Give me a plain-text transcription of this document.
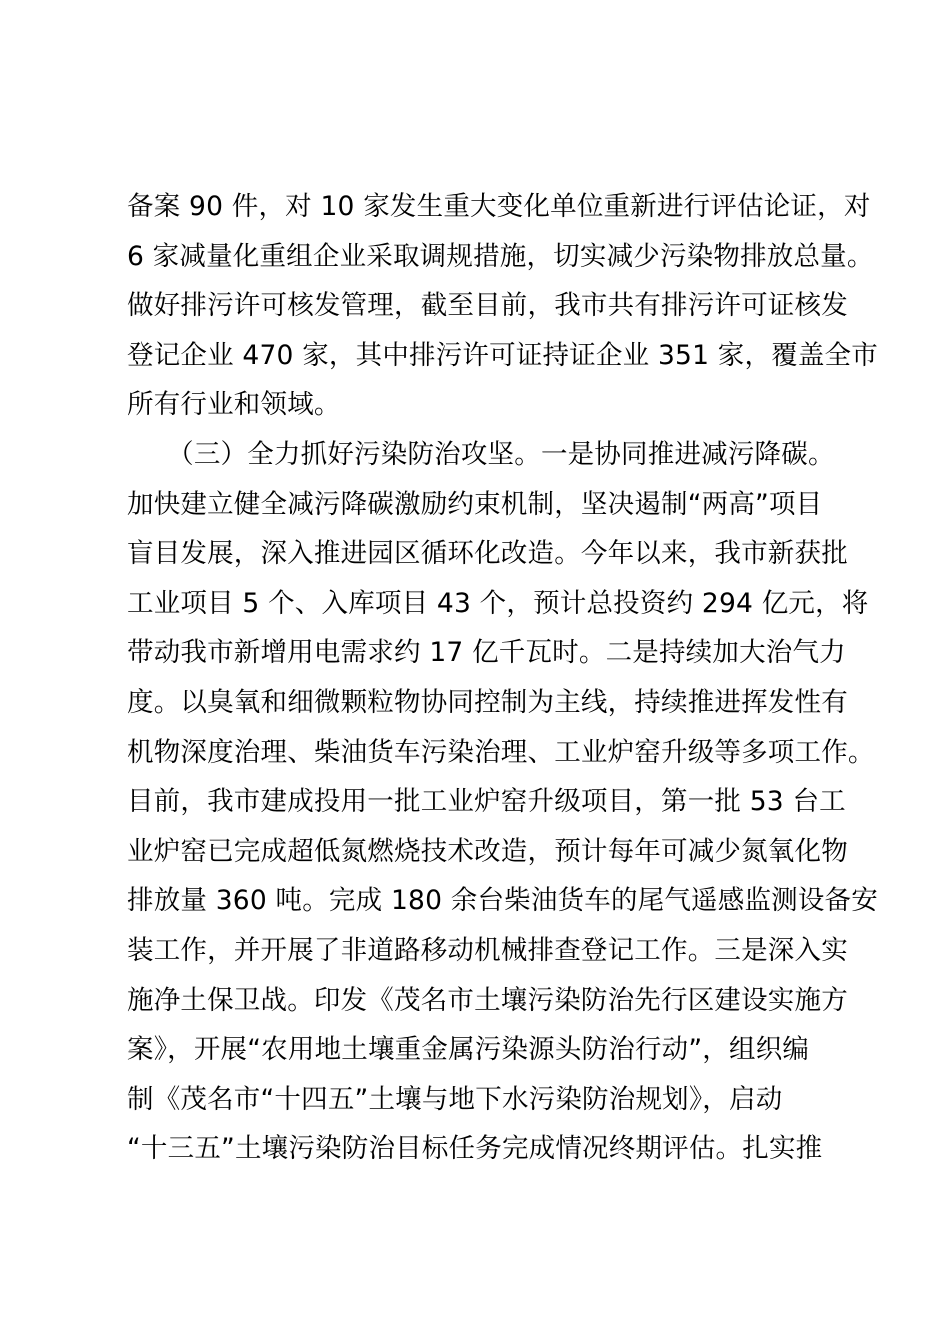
备案 90 件，对 10 家发生重大变化单位重新进行评估论证，对
6 家减量化重组企业采取调规措施，切实减少污染物排放总量。
做好排污许可核发管理，截至目前，我市共有排污许可证核发
登记企业 470 家，其中排污许可证持证企业 351 家，覆盖全市
所有行业和领域。
　　（三）全力抓好污染防治攻坚。一是协同推进减污降碳。
加快建立健全减污降碳激励约束机制，坚决遏制“两高”项目
盲目发展，深入推进园区循环化改造。今年以来，我市新获批
工业项目 5 个、入库项目 43 个，预计总投资约 294 亿元，将
带动我市新增用电需求约 17 亿千瓦时。二是持续加大治气力
度。以臭氧和细微颗粒物协同控制为主线，持续推进挥发性有
机物深度治理、柴油货车污染治理、工业炉窑升级等多项工作。
目前，我市建成投用一批工业炉窑升级项目，第一批 53 台工
业炉窑已完成超低氮燃烧技术改造，预计每年可减少氮氧化物
排放量 360 吨。完成 180 余台柴油货车的尾气遥感监测设备安
装工作，并开展了非道路移动机械排查登记工作。三是深入实
施净土保卫战。印发《茂名市土壤污染防治先行区建设实施方
案》，开展“农用地土壤重金属污染源头防治行动”，组织编
制《茂名市“十四五”土壤与地下水污染防治规划》，启动
“十三五”土壤污染防治目标任务完成情况终期评估。扎实推
